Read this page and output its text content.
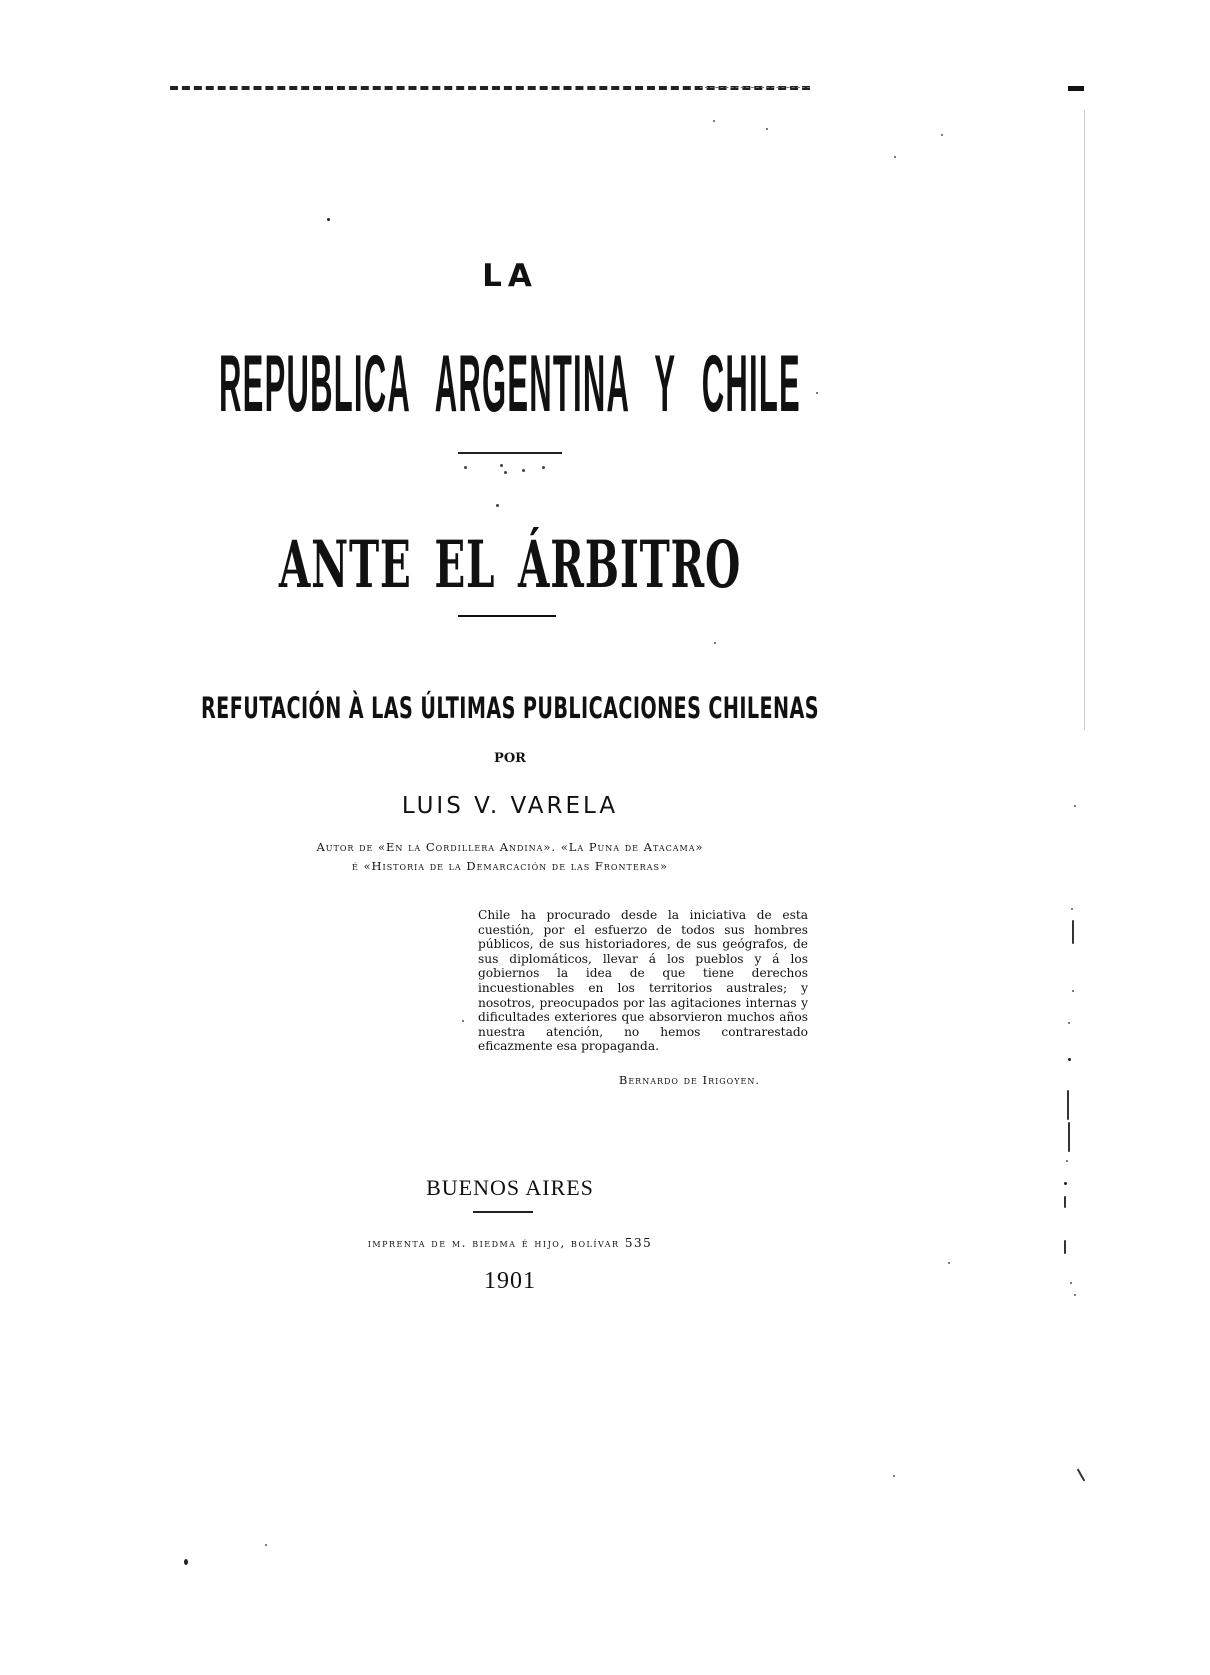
LA
REPUBLICA ARGENTINA Y CHILE
ANTE EL ÁRBITRO
REFUTACIÓN À LAS ÚLTIMAS PUBLICACIONES CHILENAS
POR
LUIS V. VARELA
Autor de «En la Cordillera Andina». «La Puna de Atacama»
é «Historia de la Demarcación de las Fronteras»
Chile ha procurado desde la iniciativa de esta cuestión, por el esfuerzo de todos sus hombres públicos, de sus historiadores, de sus geógrafos, de sus diplomáticos, llevar á los pueblos y á los gobiernos la idea de que tiene derechos incuestionables en los territorios australes; y nosotros, preocupados por las agitaciones internas y dificultades exteriores que absorvieron muchos años nuestra atención, no hemos contrarestado eficazmente esa propaganda.
Bernardo de Irigoyen.
BUENOS AIRES
imprenta de m. biedma é hijo, bolívar 535
1901
